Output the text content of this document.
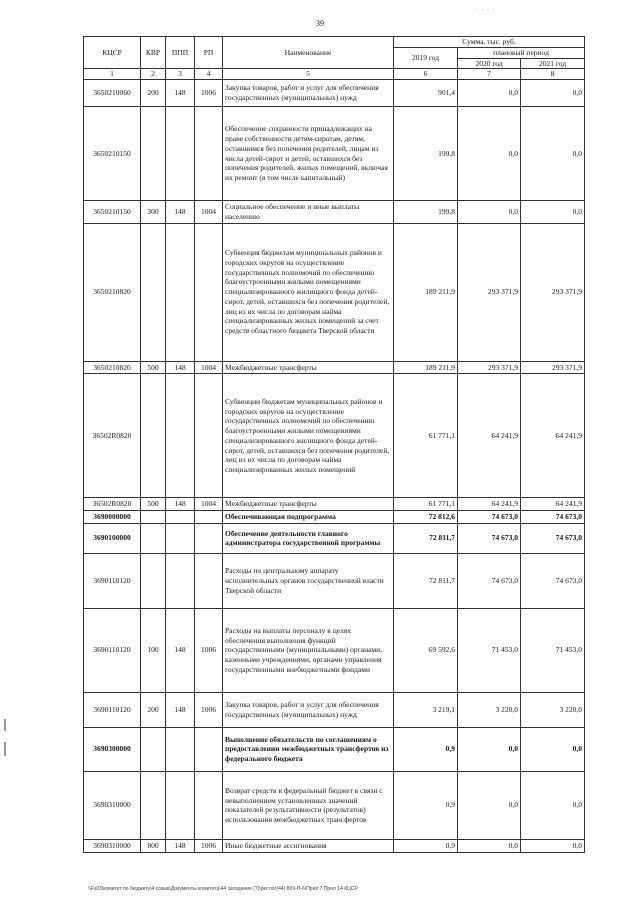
. . . .
39
КЦСР	КВР	ППП	РП	Наименование	Сумма, тыс. руб.		
					2019 год	плановый период	
						2020 год	2021 год
1	2	3	4	5	6	7	8
3650210060	200	148	1006	Закупка товаров, работ и услуг для обеспечения государственных (муниципальных) нужд	901,4	0,0	0,0
3650210150				Обеспечение сохранности принадлежащих на праве собственности детям-сиротам, детям, оставшимся без попечения родителей, лицам из числа детей-сирот и детей, оставшихся без попечения родителей, жилых помещений, включая их ремонт (в том числе капитальный)	199,8	0,0	0,0
3650210150	300	148	1004	Социальное обеспечение и иные выплаты населению	199,8	0,0	0,0
3650210820				Субвенция бюджетам муниципальных районов и городских округов на осуществление государственных полномочий по обеспечению благоустроенными жилыми помещениями специализированного жилищного фонда детей-сирот, детей, оставшихся без попечения родителей, лиц из их числа по договорам найма специализированных жилых помещений за счет средств областного бюджета Тверской области	189 211,9	293 371,9	293 371,9
3650210820	500	148	1004	Межбюджетные трансферты	189 211,9	293 371,9	293 371,9
36502R0820				Субвенции бюджетам муниципальных районов и городских округов на осуществление государственных полномочий по обеспечению благоустроенными жилыми помещениями специализированного жилищного фонда детей-сирот, детей, оставшихся без попечения родителей, лиц из их числа по договорам найма специализированных жилых помещений	61 771,1	64 241,9	64 241,9
36502R0820	500	148	1004	Межбюджетные трансферты	61 771,1	64 241,9	64 241,9
3690000000				Обеспечивающая подпрограмма	72 812,6	74 673,0	74 673,0
3690100000				Обеспечение деятельности главного администратора государственной программы	72 811,7	74 673,0	74 673,0
3690110120				Расходы по центральному аппарату исполнительных органов государственной власти Тверской области	72 811,7	74 673,0	74 673,0
3690110120	100	148	1006	Расходы на выплаты персоналу в целях обеспечения выполнения функций государственными (муниципальными) органами, казенными учреждениями, органами управления государственными внебюджетными фондами	69 592,6	71 453,0	71 453,0
3690110120	200	148	1006	Закупка товаров, работ и услуг для обеспечения государственных (муниципальных) нужд	3 219,1	3 220,0	3 220,0
3690300000				Выполнение обязательств по соглашениям о предоставлении межбюджетных трансфертов из федерального бюджета	0,9	0,0	0,0
3690310000				Возврат средств в федеральный бюджет в связи с невыполнением установленных значений показателей результативности (результатов) использования межбюджетных трансфертов	0,9	0,0	0,0
3690310000	800	148	1006	Иные бюджетные ассигнования	0,9	0,0	0,0
\\Fs03\комитет по бюджету\4 созыв\Документы комитета\44 заседание (7)\рег.лог(44) 809-П-6\Прил 7 Прил 14 КЦСР
